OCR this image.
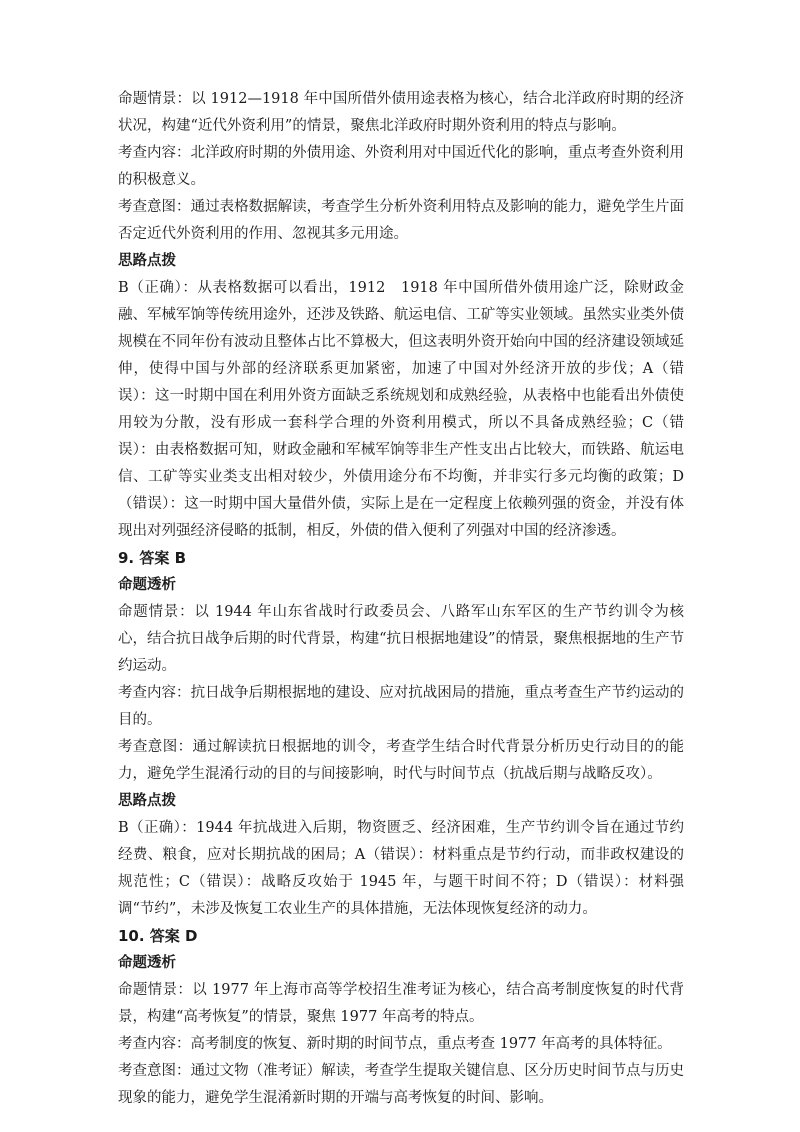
命题情景：以 1912—1918 年中国所借外债用途表格为核心，结合北洋政府时期的经济状况，构建“近代外资利用”的情景，聚焦北洋政府时期外资利用的特点与影响。

考查内容：北洋政府时期的外债用途、外资利用对中国近代化的影响，重点考查外资利用的积极意义。

考查意图：通过表格数据解读，考查学生分析外资利用特点及影响的能力，避免学生片面否定近代外资利用的作用、忽视其多元用途。

思路点拨

B（正确）：从表格数据可以看出，1912　1918 年中国所借外债用途广泛，除财政金融、军械军饷等传统用途外，还涉及铁路、航运电信、工矿等实业领域。虽然实业类外债规模在不同年份有波动且整体占比不算极大，但这表明外资开始向中国的经济建设领域延伸，使得中国与外部的经济联系更加紧密，加速了中国对外经济开放的步伐；A（错误）：这一时期中国在利用外资方面缺乏系统规划和成熟经验，从表格中也能看出外债使用较为分散，没有形成一套科学合理的外资利用模式，所以不具备成熟经验；C（错误）：由表格数据可知，财政金融和军械军饷等非生产性支出占比较大，而铁路、航运电信、工矿等实业类支出相对较少，外债用途分布不均衡，并非实行多元均衡的政策；D（错误）：这一时期中国大量借外债，实际上是在一定程度上依赖列强的资金，并没有体现出对列强经济侵略的抵制，相反，外债的借入便利了列强对中国的经济渗透。

9. 答案 B

命题透析

命题情景：以 1944 年山东省战时行政委员会、八路军山东军区的生产节约训令为核心，结合抗日战争后期的时代背景，构建“抗日根据地建设”的情景，聚焦根据地的生产节约运动。

考查内容：抗日战争后期根据地的建设、应对抗战困局的措施，重点考查生产节约运动的目的。

考查意图：通过解读抗日根据地的训令，考查学生结合时代背景分析历史行动目的的能力，避免学生混淆行动的目的与间接影响，时代与时间节点（抗战后期与战略反攻）。

思路点拨

B（正确）：1944 年抗战进入后期，物资匮乏、经济困难，生产节约训令旨在通过节约经费、粮食，应对长期抗战的困局；A（错误）：材料重点是节约行动，而非政权建设的规范性；C（错误）：战略反攻始于 1945 年，与题干时间不符；D（错误）：材料强调“节约”，未涉及恢复工农业生产的具体措施，无法体现恢复经济的动力。

10. 答案 D

命题透析

命题情景：以 1977 年上海市高等学校招生准考证为核心，结合高考制度恢复的时代背景，构建“高考恢复”的情景，聚焦 1977 年高考的特点。

考查内容：高考制度的恢复、新时期的时间节点，重点考查 1977 年高考的具体特征。

考查意图：通过文物（准考证）解读，考查学生提取关键信息、区分历史时间节点与历史现象的能力，避免学生混淆新时期的开端与高考恢复的时间、影响。
